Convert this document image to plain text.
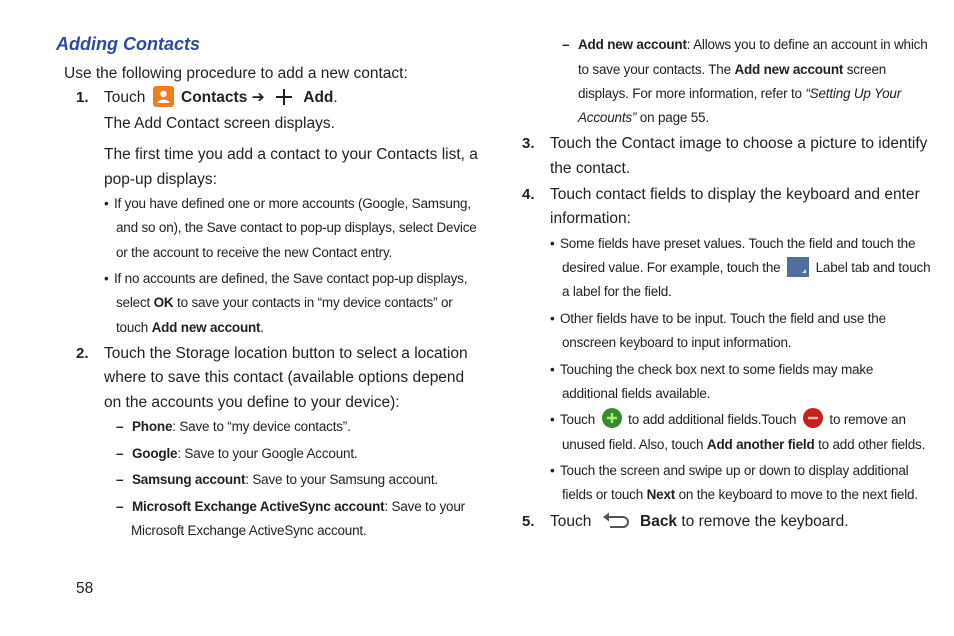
Adding Contacts
Use the following procedure to add a new contact:
1. Touch Contacts ➔ Add.
The Add Contact screen displays.
The first time you add a contact to your Contacts list, a
pop-up displays:
• If you have defined one or more accounts (Google, Samsung,
and so on), the Save contact to pop-up displays, select Device
or the account to receive the new Contact entry.
• If no accounts are defined, the Save contact pop-up displays,
select OK to save your contacts in “my device contacts” or
touch Add new account.
2. Touch the Storage location button to select a location
where to save this contact (available options depend
on the accounts you define to your device):
– Phone: Save to “my device contacts”.
– Google: Save to your Google Account.
– Samsung account: Save to your Samsung account.
– Microsoft Exchange ActiveSync account: Save to your
Microsoft Exchange ActiveSync account.
58
– Add new account: Allows you to define an account in which
to save your contacts. The Add new account screen
displays. For more information, refer to “Setting Up Your
Accounts” on page 55.
3. Touch the Contact image to choose a picture to identify
the contact.
4. Touch contact fields to display the keyboard and enter
information:
• Some fields have preset values. Touch the field and touch the
desired value. For example, touch the	Label tab and touch
a label for the field.
• Other fields have to be input. Touch the field and use the
onscreen keyboard to input information.
• Touching the check box next to some fields may make
additional fields available.
• Touch to add additional fields.Touch to remove an
unused field. Also, touch Add another field to add other fields.
• Touch the screen and swipe up or down to display additional
fields or touch Next on the keyboard to move to the next field.
5. Touch	Back to remove the keyboard.
